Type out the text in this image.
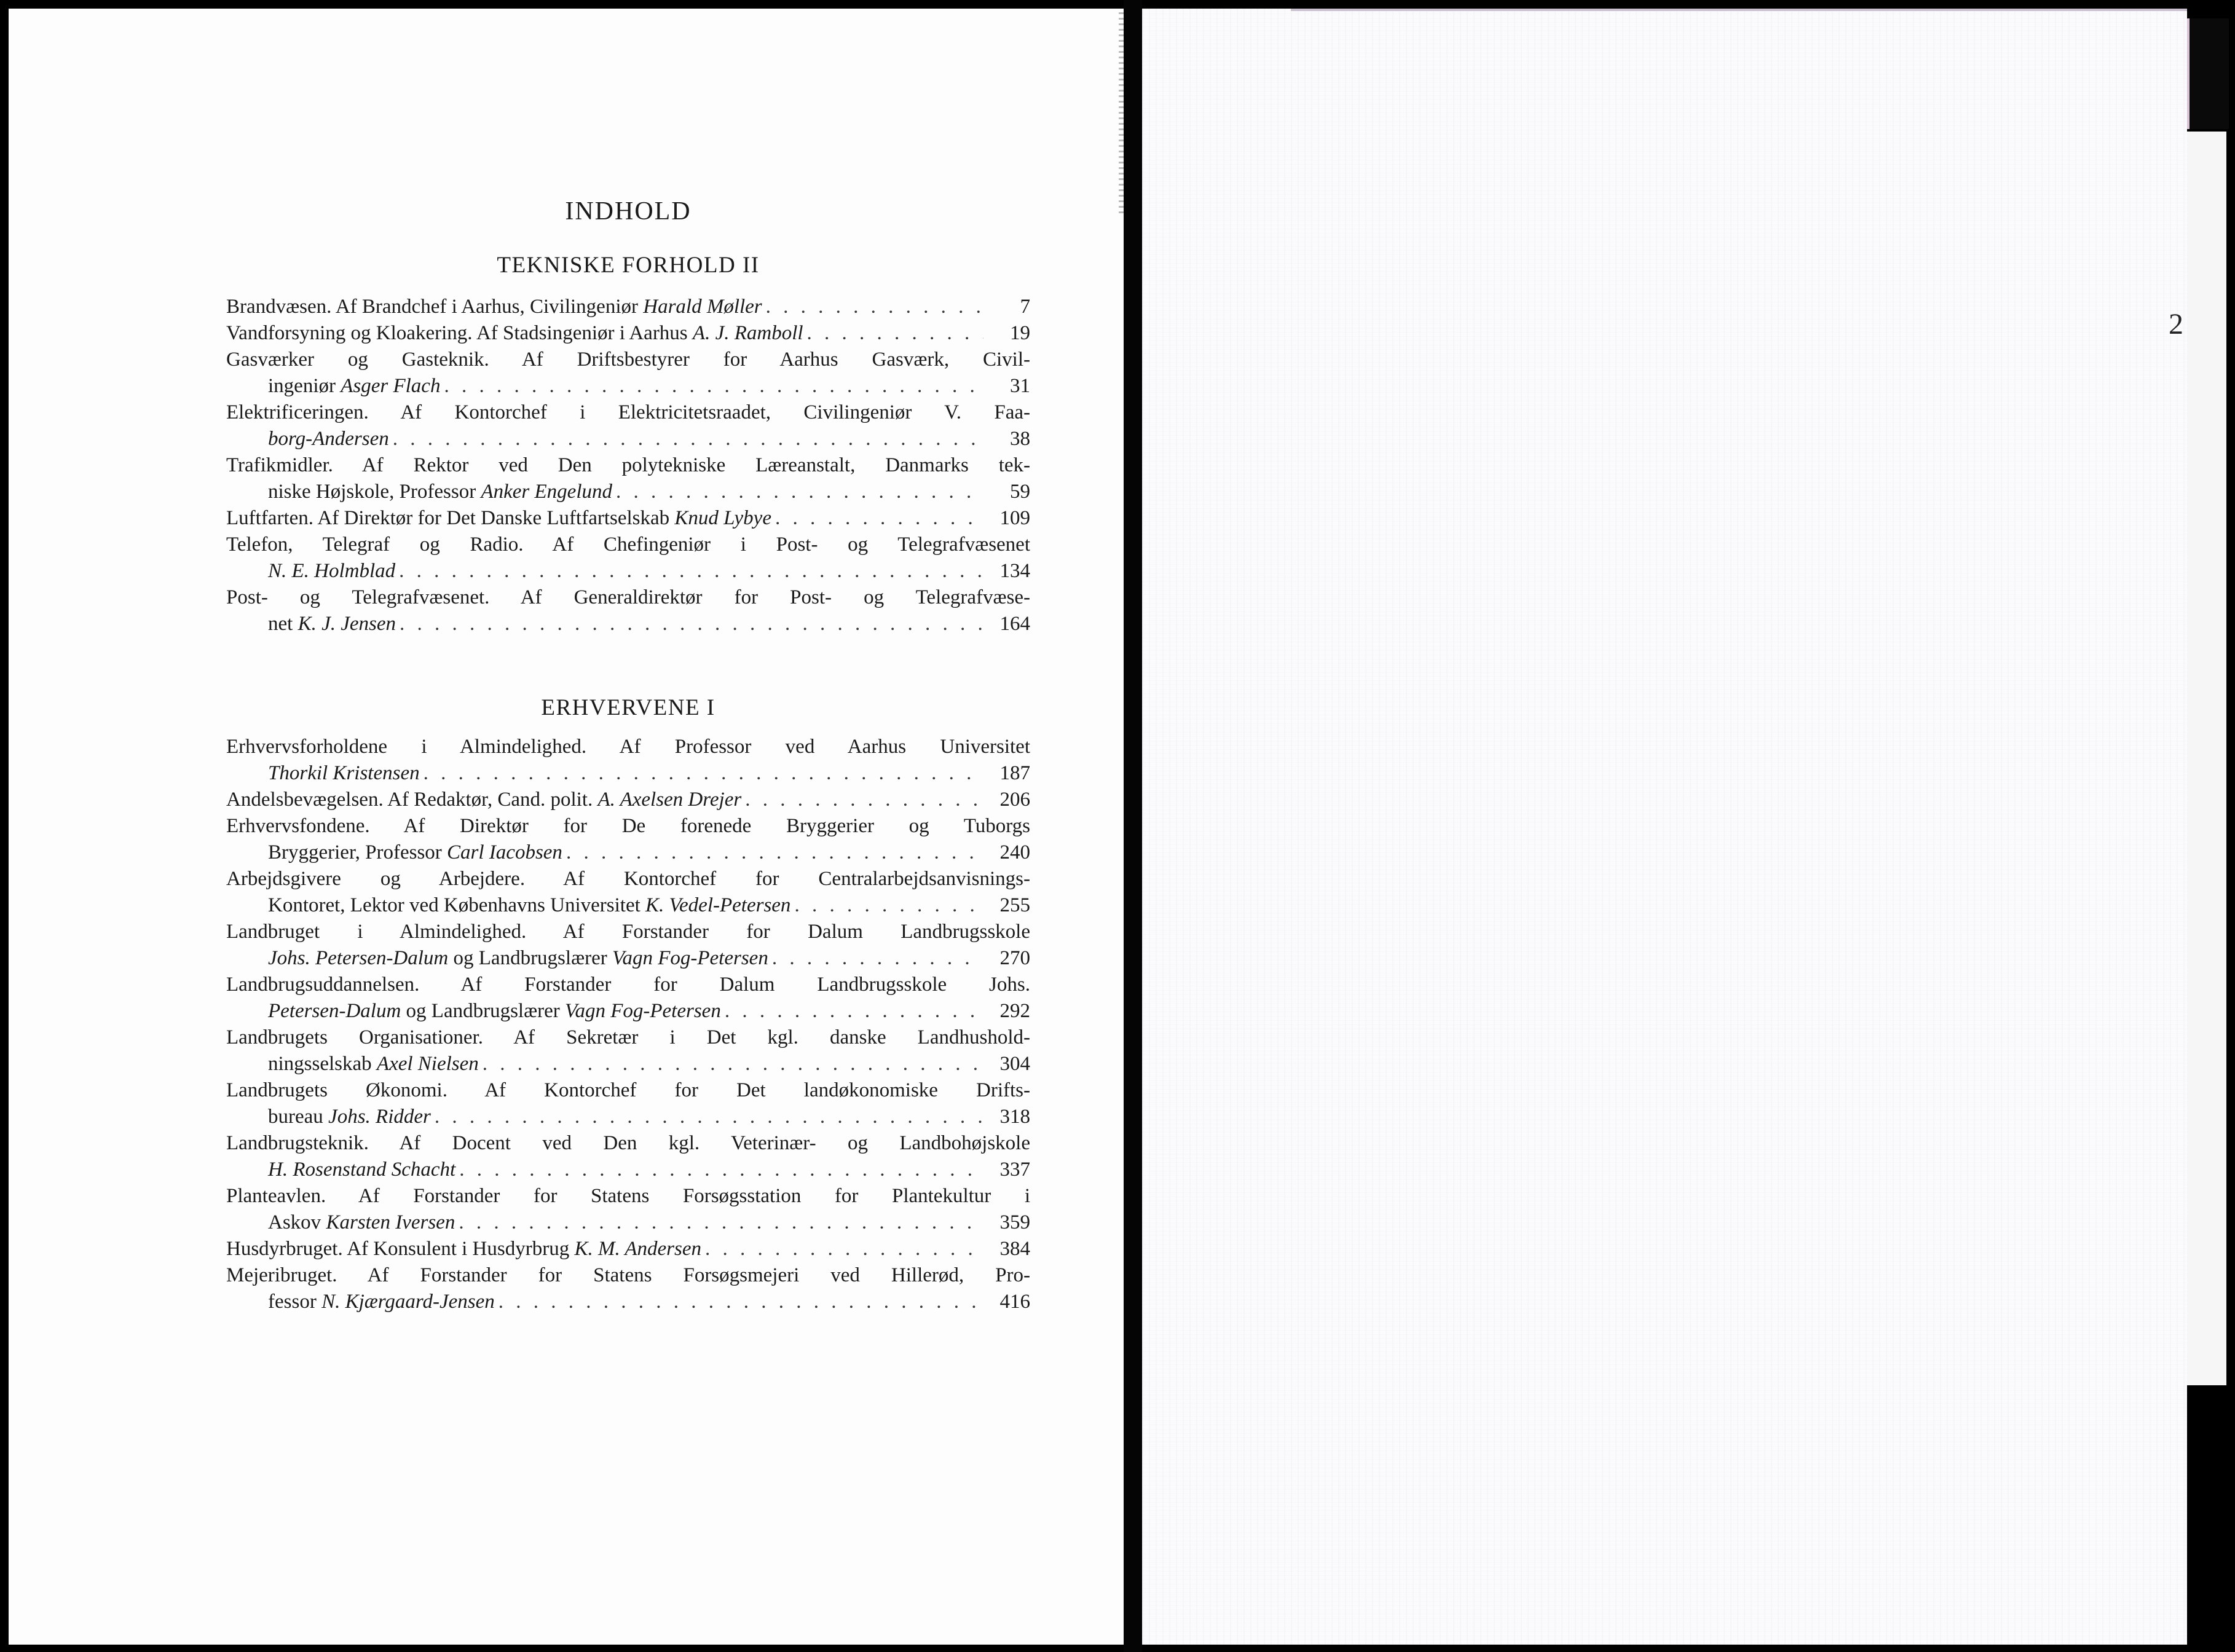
2
INDHOLD
TEKNISKE FORHOLD II
Brandvæsen. Af Brandchef i Aarhus, Civilingeniør Harald Møller . . .	7
Vandforsyning og Kloakering. Af Stadsingeniør i Aarhus A. J. Ramboll . . .	19
Gasværker og Gasteknik. Af Driftsbestyrer for Aarhus Gasværk, Civil-
ingeniør Asger Flach . . .	31
Elektrificeringen. Af Kontorchef i Elektricitetsraadet, Civilingeniør V. Faa-
borg-Andersen . . .	38
Trafikmidler. Af Rektor ved Den polytekniske Læreanstalt, Danmarks tek-
niske Højskole, Professor Anker Engelund . . .	59
Luftfarten. Af Direktør for Det Danske Luftfartselskab Knud Lybye . . .	109
Telefon, Telegraf og Radio. Af Chefingeniør i Post- og Telegrafvæsenet
N. E. Holmblad . . .	134
Post- og Telegrafvæsenet. Af Generaldirektør for Post- og Telegrafvæse-
net K. J. Jensen . . .	164
ERHVERVENE I
Erhvervsforholdene i Almindelighed. Af Professor ved Aarhus Universitet
Thorkil Kristensen . . .	187
Andelsbevægelsen. Af Redaktør, Cand. polit. A. Axelsen Drejer . . .	206
Erhvervsfondene. Af Direktør for De forenede Bryggerier og Tuborgs
Bryggerier, Professor Carl Iacobsen . . .	240
Arbejdsgivere og Arbejdere. Af Kontorchef for Centralarbejdsanvisnings-
Kontoret, Lektor ved Københavns Universitet K. Vedel-Petersen . . .	255
Landbruget i Almindelighed. Af Forstander for Dalum Landbrugsskole
Johs. Petersen-Dalum og Landbrugslærer Vagn Fog-Petersen . . .	270
Landbrugsuddannelsen. Af Forstander for Dalum Landbrugsskole Johs.
Petersen-Dalum og Landbrugslærer Vagn Fog-Petersen . . .	292
Landbrugets Organisationer. Af Sekretær i Det kgl. danske Landhushold-
ningsselskab Axel Nielsen . . .	304
Landbrugets Økonomi. Af Kontorchef for Det landøkonomiske Drifts-
bureau Johs. Ridder . . .	318
Landbrugsteknik. Af Docent ved Den kgl. Veterinær- og Landbohøjskole
H. Rosenstand Schacht . . .	337
Planteavlen. Af Forstander for Statens Forsøgsstation for Plantekultur i
Askov Karsten Iversen . . .	359
Husdyrbruget. Af Konsulent i Husdyrbrug K. M. Andersen . . .	384
Mejeribruget. Af Forstander for Statens Forsøgsmejeri ved Hillerød, Pro-
fessor N. Kjærgaard-Jensen . . .	416
